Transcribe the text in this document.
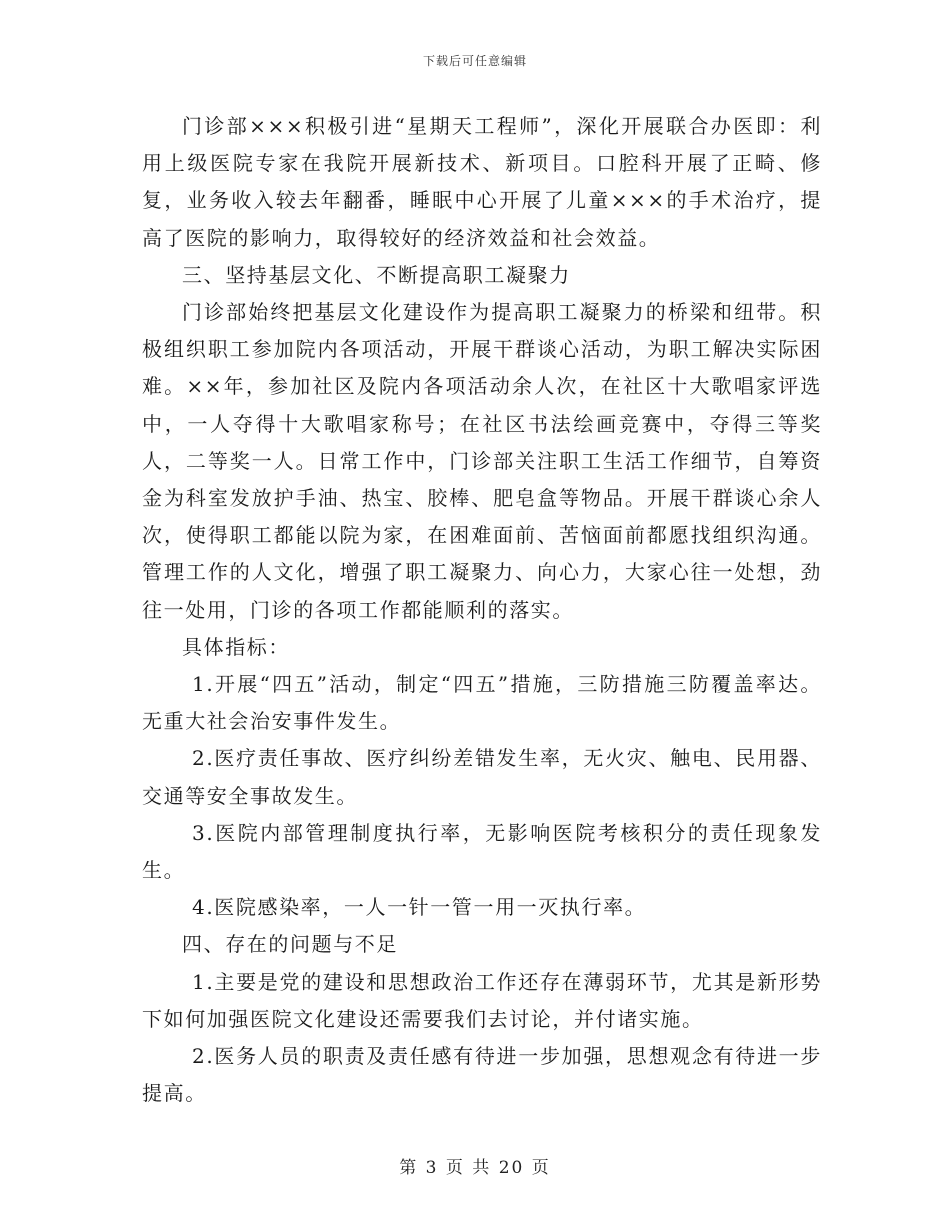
下载后可任意编辑

门诊部×××积极引进“星期天工程师”，深化开展联合办医即：利用上级医院专家在我院开展新技术、新项目。口腔科开展了正畸、修复，业务收入较去年翻番，睡眠中心开展了儿童×××的手术治疗，提高了医院的影响力，取得较好的经济效益和社会效益。

三、坚持基层文化、不断提高职工凝聚力

门诊部始终把基层文化建设作为提高职工凝聚力的桥梁和纽带。积极组织职工参加院内各项活动，开展干群谈心活动，为职工解决实际困难。××年，参加社区及院内各项活动余人次，在社区十大歌唱家评选中，一人夺得十大歌唱家称号；在社区书法绘画竞赛中，夺得三等奖人，二等奖一人。日常工作中，门诊部关注职工生活工作细节，自筹资金为科室发放护手油、热宝、胶棒、肥皂盒等物品。开展干群谈心余人次，使得职工都能以院为家，在困难面前、苦恼面前都愿找组织沟通。管理工作的人文化，增强了职工凝聚力、向心力，大家心往一处想，劲往一处用，门诊的各项工作都能顺利的落实。

具体指标：

1.开展“四五”活动，制定“四五”措施，三防措施三防覆盖率达。无重大社会治安事件发生。

2.医疗责任事故、医疗纠纷差错发生率，无火灾、触电、民用器、交通等安全事故发生。

3.医院内部管理制度执行率，无影响医院考核积分的责任现象发生。

4.医院感染率，一人一针一管一用一灭执行率。

四、存在的问题与不足

1.主要是党的建设和思想政治工作还存在薄弱环节，尤其是新形势下如何加强医院文化建设还需要我们去讨论，并付诸实施。

2.医务人员的职责及责任感有待进一步加强，思想观念有待进一步提高。

第 3 页 共 20 页
